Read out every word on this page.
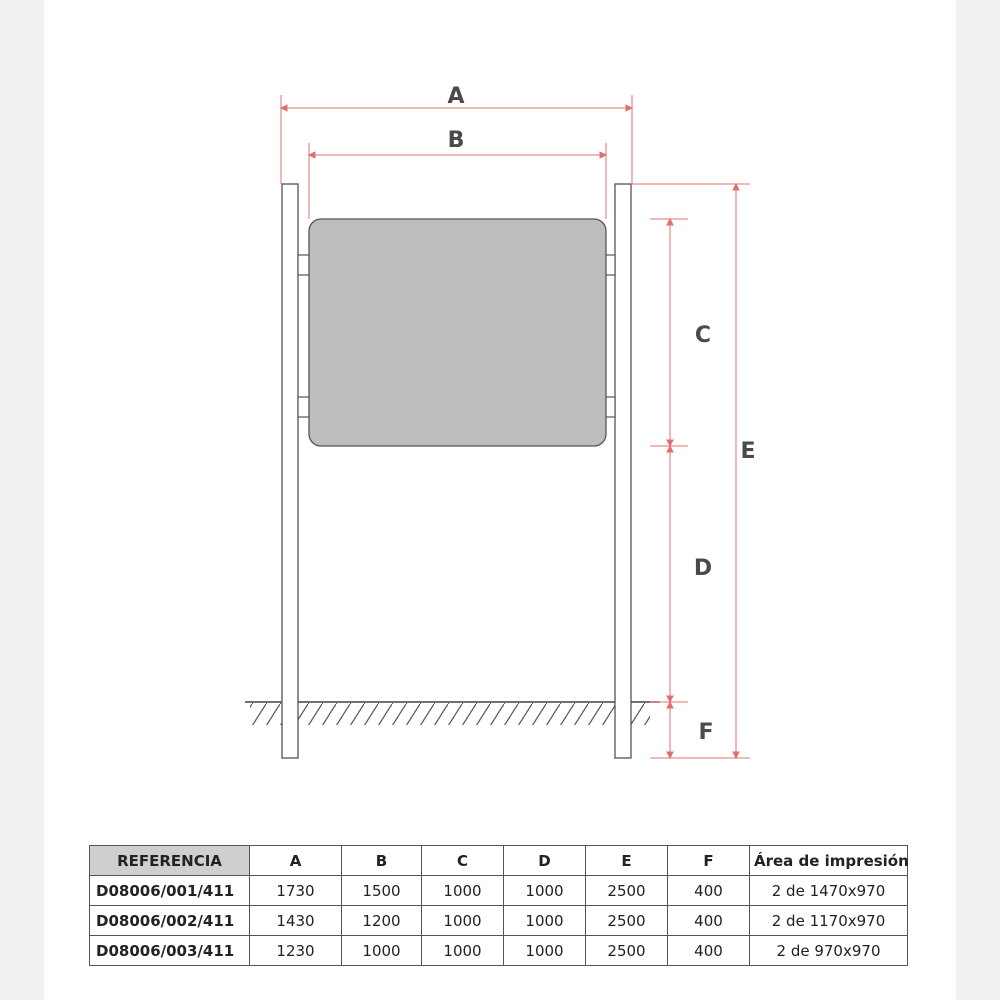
A
B
C
D
F
E
REFERENCIA	A	B	C	D	E	F	Área de impresión
D08006/001/411	1730	1500	1000	1000	2500	400	2 de 1470x970
D08006/002/411	1430	1200	1000	1000	2500	400	2 de 1170x970
D08006/003/411	1230	1000	1000	1000	2500	400	2 de 970x970
